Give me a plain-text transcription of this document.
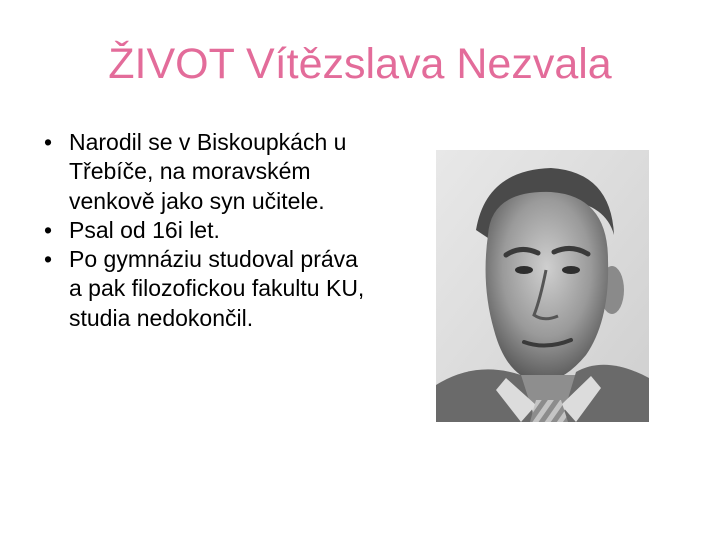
ŽIVOT Vítězslava Nezvala
• Narodil se v Biskoupkách u Třebíče, na moravském venkově jako syn učitele.
• Psal od 16i let.
• Po gymnáziu studoval práva a pak filozofickou fakultu KU, studia nedokončil.
